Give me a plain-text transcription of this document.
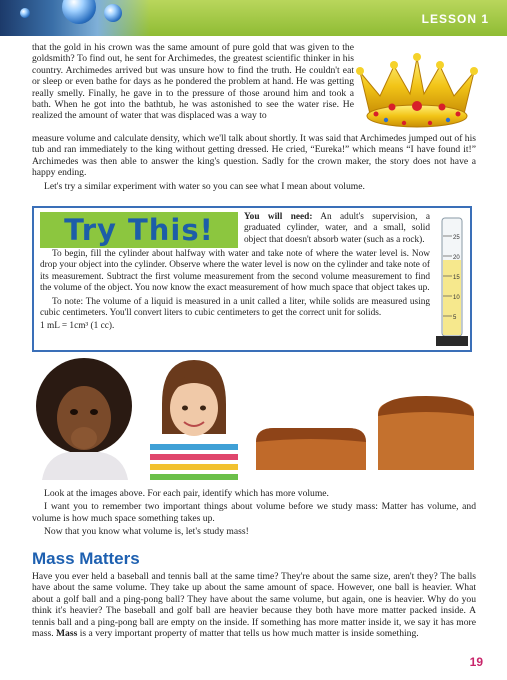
LESSON 1

that the gold in his crown was the same amount of pure gold that was given to the goldsmith? To find out, he sent for Archimedes, the greatest scientific thinker in his country. Archimedes arrived but was unsure how to find the truth. He couldn't eat or sleep or even bathe for days as he pondered the problem at hand. He was getting really smelly. Finally, he gave in to the pressure of those around him and took a bath. When he got into the bathtub, he was astonished to see the water rise. He realized the amount of water that was displaced was a way to

measure volume and calculate density, which we'll talk about shortly. It was said that Archimedes jumped out of his tub and ran immediately to the king without getting dressed. He cried, “Eureka!” which means “I have found it!” Archimedes was then able to answer the king's question. Sadly for the crown maker, the story does not have a happy ending.

Let's try a similar experiment with water so you can see what I mean about volume.

Try This!	You will need: An adult's supervision, a graduated cylinder, water, and a small, solid object that doesn't absorb water (such as a rock).

To begin, fill the cylinder about halfway with water and take note of where the water level is. Now drop your object into the cylinder. Observe where the water level is now on the cylinder and take note of its measurement. Subtract the first volume measurement from the second volume measurement to find the volume of the object. You now know the exact measurement of how much space that object takes up.

To note: The volume of a liquid is measured in a unit called a liter, while solids are measured using cubic centimeters. You'll convert liters to cubic centimeters to get the correct unit for solids.

1 mL = 1cm³ (1 cc).

25
20
15
10
5

Look at the images above. For each pair, identify which has more volume.

I want you to remember two important things about volume before we study mass: Matter has volume, and volume is how much space something takes up.

Now that you know what volume is, let's study mass!

Mass Matters

Have you ever held a baseball and tennis ball at the same time? They're about the same size, aren't they? The balls have about the same volume. They take up about the same amount of space. However, one ball is heavier. What about a golf ball and a ping-pong ball? They have about the same volume, but again, one is heavier. Why do you think it's heavier? The baseball and golf ball are heavier because they both have more matter packed inside. A tennis ball and a ping-pong ball are empty on the inside. If something has more matter inside it, we say it has more mass. Mass is a very important property of matter that tells us how much matter is inside something.

19
